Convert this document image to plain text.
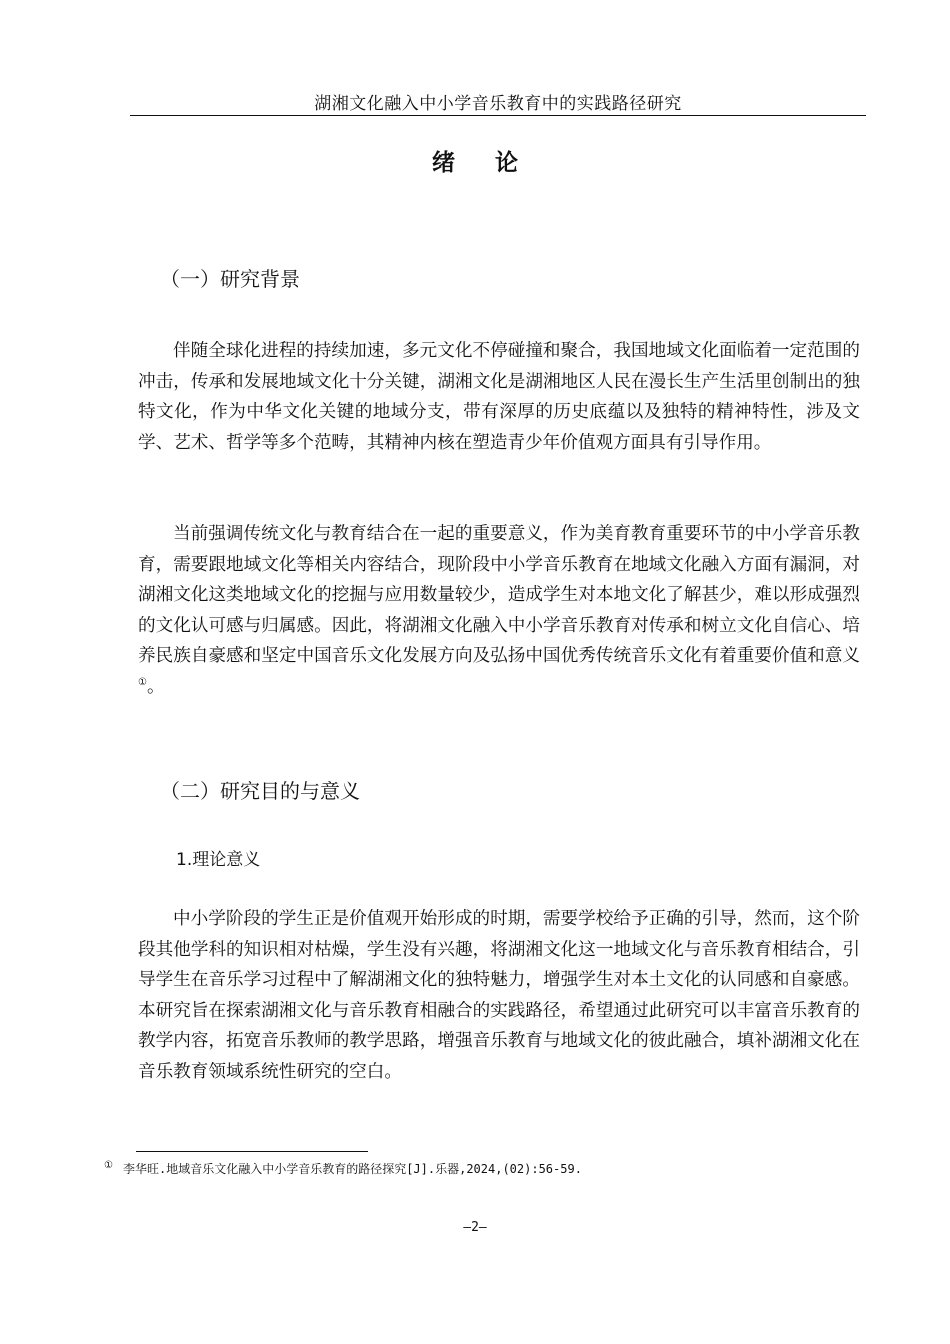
湖湘文化融入中小学音乐教育中的实践路径研究
绪 论
（一）研究背景

伴随全球化进程的持续加速，多元文化不停碰撞和聚合，我国地域文化面临着一定范围的冲击，传承和发展地域文化十分关键，湖湘文化是湖湘地区人民在漫长生产生活里创制出的独特文化，作为中华文化关键的地域分支，带有深厚的历史底蕴以及独特的精神特性，涉及文学、艺术、哲学等多个范畴，其精神内核在塑造青少年价值观方面具有引导作用。

当前强调传统文化与教育结合在一起的重要意义，作为美育教育重要环节的中小学音乐教育，需要跟地域文化等相关内容结合，现阶段中小学音乐教育在地域文化融入方面有漏洞，对湖湘文化这类地域文化的挖掘与应用数量较少，造成学生对本地文化了解甚少，难以形成强烈的文化认可感与归属感。因此，将湖湘文化融入中小学音乐教育对传承和树立文化自信心、培养民族自豪感和坚定中国音乐文化发展方向及弘扬中国优秀传统音乐文化有着重要价值和意义①。

（二）研究目的与意义
1.理论意义

中小学阶段的学生正是价值观开始形成的时期，需要学校给予正确的引导，然而，这个阶段其他学科的知识相对枯燥，学生没有兴趣，将湖湘文化这一地域文化与音乐教育相结合，引导学生在音乐学习过程中了解湖湘文化的独特魅力，增强学生对本土文化的认同感和自豪感。本研究旨在探索湖湘文化与音乐教育相融合的实践路径，希望通过此研究可以丰富音乐教育的教学内容，拓宽音乐教师的教学思路，增强音乐教育与地域文化的彼此融合，填补湖湘文化在音乐教育领域系统性研究的空白。

① 李华旺.地域音乐文化融入中小学音乐教育的路径探究[J].乐器,2024,(02):56-59.
—2—
